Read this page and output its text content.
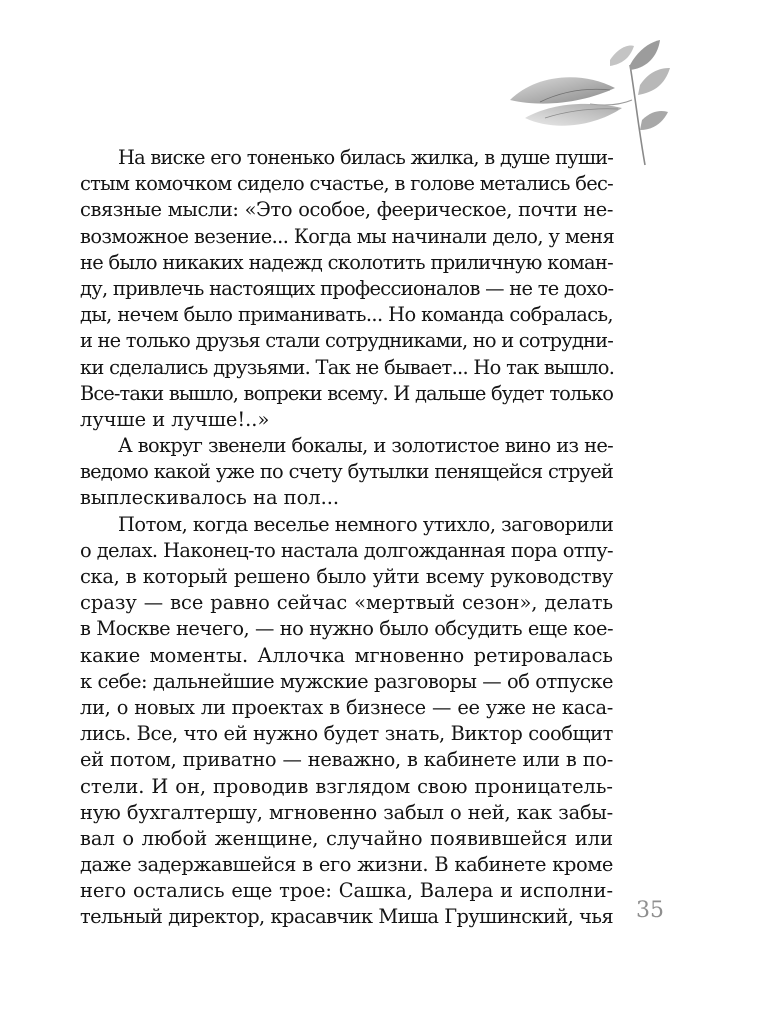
На виске его тоненько билась жилка, в душе пуши-
стым комочком сидело счастье, в голове метались бес-
связные мысли: «Это особое, феерическое, почти не-
возможное везение... Когда мы начинали дело, у меня
не было никаких надежд сколотить приличную коман-
ду, привлечь настоящих профессионалов — не те дохо-
ды, нечем было приманивать... Но команда собралась,
и не только друзья стали сотрудниками, но и сотрудни-
ки сделались друзьями. Так не бывает... Но так вышло.
Все-таки вышло, вопреки всему. И дальше будет только
лучше и лучше!..»
А вокруг звенели бокалы, и золотистое вино из не-
ведомо какой уже по счету бутылки пенящейся струей
выплескивалось на пол...
Потом, когда веселье немного утихло, заговорили
о делах. Наконец-то настала долгожданная пора отпу-
ска, в который решено было уйти всему руководству
сразу — все равно сейчас «мертвый сезон», делать
в Москве нечего, — но нужно было обсудить еще кое-
какие моменты. Аллочка мгновенно ретировалась
к себе: дальнейшие мужские разговоры — об отпуске
ли, о новых ли проектах в бизнесе — ее уже не каса-
лись. Все, что ей нужно будет знать, Виктор сообщит
ей потом, приватно — неважно, в кабинете или в по-
стели. И он, проводив взглядом свою проницатель-
ную бухгалтершу, мгновенно забыл о ней, как забы-
вал о любой женщине, случайно появившейся или
даже задержавшейся в его жизни. В кабинете кроме
него остались еще трое: Сашка, Валера и исполни-
тельный директор, красавчик Миша Грушинский, чья 35
